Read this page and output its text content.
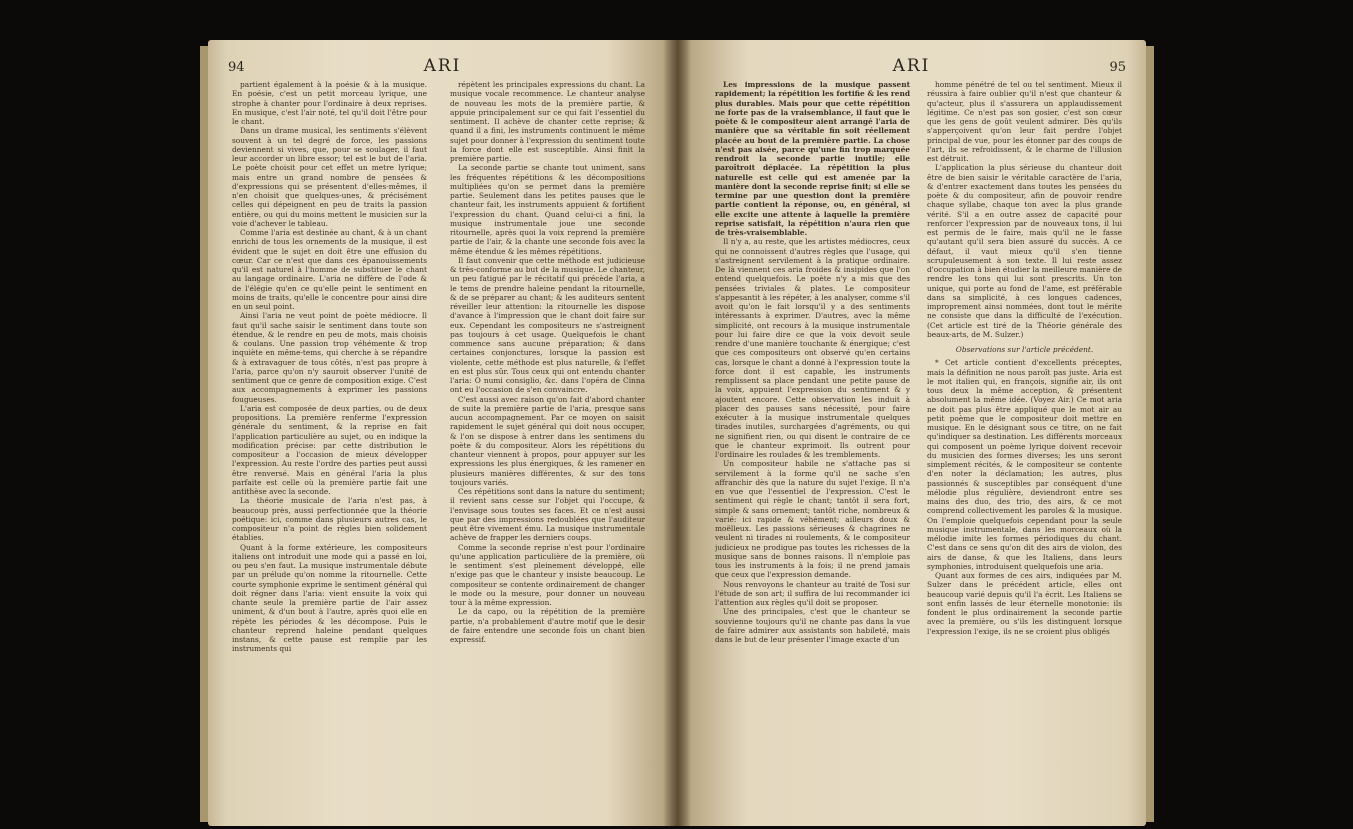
94	ARI

partient également à la poésie & à la musique. En poésie, c'est un petit morceau lyrique, une strophe à chanter pour l'ordinaire à deux reprises. En musique, c'est l'air noté, tel qu'il doit l'être pour le chant.

Dans un drame musical, les sentiments s'élèvent souvent à un tel degré de force, les passions deviennent si vives, que, pour se soulager, il faut leur accorder un libre essor; tel est le but de l'aria. Le poète choisit pour cet effet un metre lyrique; mais entre un grand nombre de pensées & d'expressions qui se présentent d'elles-mêmes, il n'en choisit que quelques-unes, & précisément celles qui dépeignent en peu de traits la passion entière, ou qui du moins mettent le musicien sur la voie d'achever le tableau.

Comme l'aria est destinée au chant, & à un chant enrichi de tous les ornements de la musique, il est évident que le sujet en doit être une effusion du cœur. Car ce n'est que dans ces épanouissements qu'il est naturel à l'homme de substituer le chant au langage ordinaire. L'aria ne diffère de l'ode & de l'élégie qu'en ce qu'elle peint le sentiment en moins de traits, qu'elle le concentre pour ainsi dire en un seul point.

Ainsi l'aria ne veut point de poète médiocre. Il faut qu'il sache saisir le sentiment dans toute son étendue, & le rendre en peu de mots, mais choisis & coulans. Une passion trop véhémente & trop inquiète en même-tems, qui cherche à se répandre & à extravaguer de tous côtés, n'est pas propre à l'aria, parce qu'on n'y sauroit observer l'unité de sentiment que ce genre de composition exige. C'est aux accompagnements à exprimer les passions fougueuses.

L'aria est composée de deux parties, ou de deux propositions. La première renferme l'expression générale du sentiment, & la reprise en fait l'application particulière au sujet, ou en indique la modification précise: par cette distribution le compositeur a l'occasion de mieux développer l'expression. Au reste l'ordre des parties peut aussi être renversé. Mais en général l'aria la plus parfaite est celle où la première partie fait une antithèse avec la seconde.

La théorie musicale de l'aria n'est pas, à beaucoup près, aussi perfectionnée que la théorie poétique: ici, comme dans plusieurs autres cas, le compositeur n'a point de règles bien solidement établies.

Quant à la forme extérieure, les compositeurs italiens ont introduit une mode qui a passé en loi, ou peu s'en faut. La musique instrumentale débute par un prélude qu'on nomme la ritournelle. Cette courte symphonie exprime le sentiment général qui doit régner dans l'aria: vient ensuite la voix qui chante seule la première partie de l'air assez uniment, & d'un bout à l'autre, après quoi elle en répète les périodes & les décompose. Puis le chanteur reprend haleine pendant quelques instans, & cette pause est remplie par les instruments qui

répètent les principales expressions du chant. La musique vocale recommence. Le chanteur analyse de nouveau les mots de la première partie, & appuie principalement sur ce qui fait l'essentiel du sentiment. Il achève de chanter cette reprise; & quand il a fini, les instruments continuent le même sujet pour donner à l'expression du sentiment toute la force dont elle est susceptible. Ainsi finit la première partie.

La seconde partie se chante tout uniment, sans les fréquentes répétitions & les décompositions multipliées qu'on se permet dans la première partie. Seulement dans les petites pauses que le chanteur fait, les instruments appuient & fortifient l'expression du chant. Quand celui-ci a fini, la musique instrumentale joue une seconde ritournelle, après quoi la voix reprend la première partie de l'air, & la chante une seconde fois avec la même étendue & les mêmes répétitions.

Il faut convenir que cette méthode est judicieuse & très-conforme au but de la musique. Le chanteur, un peu fatigué par le récitatif qui précède l'aria, a le tems de prendre haleine pendant la ritournelle, & de se préparer au chant; & les auditeurs sentent réveiller leur attention: la ritournelle les dispose d'avance à l'impression que le chant doit faire sur eux. Cependant les compositeurs ne s'astreignent pas toujours à cet usage. Quelquefois le chant commence sans aucune préparation; & dans certaines conjonctures, lorsque la passion est violente, cette méthode est plus naturelle, & l'effet en est plus sûr. Tous ceux qui ont entendu chanter l'aria: O numi consiglio, &c. dans l'opéra de Cinna ont eu l'occasion de s'en convaincre.

C'est aussi avec raison qu'on fait d'abord chanter de suite la première partie de l'aria, presque sans aucun accompagnement. Par ce moyen on saisit rapidement le sujet général qui doit nous occuper, & l'on se dispose à entrer dans les sentimens du poète & du compositeur. Alors les répétitions du chanteur viennent à propos, pour appuyer sur les expressions les plus énergiques, & les ramener en plusieurs manières différentes, & sur des tons toujours variés.

Ces répétitions sont dans la nature du sentiment; il revient sans cesse sur l'objet qui l'occupe, & l'envisage sous toutes ses faces. Et ce n'est aussi que par des impressions redoublées que l'auditeur peut être vivement ému. La musique instrumentale achève de frapper les derniers coups.

Comme la seconde reprise n'est pour l'ordinaire qu'une application particulière de la première, où le sentiment s'est pleinement développé, elle n'exige pas que le chanteur y insiste beaucoup. Le compositeur se contente ordinairement de changer le mode ou la mesure, pour donner un nouveau tour à la même expression.

Le da capo, ou la répétition de la première partie, n'a probablement d'autre motif que le desir de faire entendre une seconde fois un chant bien expressif.

ARI	95

Les impressions de la musique passent rapidement; la répétition les fortifie & les rend plus durables. Mais pour que cette répétition ne forte pas de la vraisemblance, il faut que le poète & le compositeur aient arrangé l'aria de manière que sa véritable fin soit réellement placée au bout de la première partie. La chose n'est pas aisée, parce qu'une fin trop marquée rendroit la seconde partie inutile; elle paroîtroit déplacée. La répétition la plus naturelle est celle qui est amenée par la manière dont la seconde reprise finit; si elle se termine par une question dont la première partie contient la réponse, ou, en général, si elle excite une attente à laquelle la première reprise satisfait, la répétition n'aura rien que de très-vraisemblable.

Il n'y a, au reste, que les artistes médiocres, ceux qui ne connoissent d'autres règles que l'usage, qui s'astreignent servilement à la pratique ordinaire. De là viennent ces aria froides & insipides que l'on entend quelquefois. Le poète n'y a mis que des pensées triviales & plates. Le compositeur s'appesantit à les répéter, à les analyser, comme s'il avoit qu'on le fait lorsqu'il y a des sentiments intéressants à exprimer. D'autres, avec la même simplicité, ont recours à la musique instrumentale pour lui faire dire ce que la voix devoit seule rendre d'une manière touchante & énergique; c'est que ces compositeurs ont observé qu'en certains cas, lorsque le chant a donné à l'expression toute la force dont il est capable, les instruments remplissent sa place pendant une petite pause de la voix, appuient l'expression du sentiment & y ajoutent encore. Cette observation les induit à placer des pauses sans nécessité, pour faire exécuter à la musique instrumentale quelques tirades inutiles, surchargées d'agréments, ou qui ne signifient rien, ou qui disent le contraire de ce que le chanteur exprimoit. Ils outrent pour l'ordinaire les roulades & les tremblements.

Un compositeur habile ne s'attache pas si servilement à la forme qu'il ne sache s'en affranchir dès que la nature du sujet l'exige. Il n'a en vue que l'essentiel de l'expression. C'est le sentiment qui règle le chant; tantôt il sera fort, simple & sans ornement; tantôt riche, nombreux & varié: ici rapide & véhément; ailleurs doux & moëlleux. Les passions sérieuses & chagrines ne veulent ni tirades ni roulements, & le compositeur judicieux ne prodigue pas toutes les richesses de la musique sans de bonnes raisons. Il n'emploie pas tous les instruments à la fois; il ne prend jamais que ceux que l'expression demande.

Nous renvoyons le chanteur au traité de Tosi sur l'étude de son art; il suffira de lui recommander ici l'attention aux règles qu'il doit se proposer.

Une des principales, c'est que le chanteur se souvienne toujours qu'il ne chante pas dans la vue de faire admirer aux assistants son habileté, mais dans le but de leur présenter l'image exacte d'un

homme pénétré de tel ou tel sentiment. Mieux il réussira à faire oublier qu'il n'est que chanteur & qu'acteur, plus il s'assurera un applaudissement légitime. Ce n'est pas son gosier, c'est son cœur que les gens de goût veulent admirer. Dès qu'ils s'apperçoivent qu'on leur fait perdre l'objet principal de vue, pour les étonner par des coups de l'art, ils se refroidissent, & le charme de l'illusion est détruit.

L'application la plus sérieuse du chanteur doit être de bien saisir le véritable caractère de l'aria, & d'entrer exactement dans toutes les pensées du poète & du compositeur, afin de pouvoir rendre chaque syllabe, chaque ton avec la plus grande vérité. S'il a en outre assez de capacité pour renforcer l'expression par de nouveaux tons, il lui est permis de le faire, mais qu'il ne le fasse qu'autant qu'il sera bien assuré du succès. A ce défaut, il vaut mieux qu'il s'en tienne scrupuleusement à son texte. Il lui reste assez d'occupation à bien étudier la meilleure manière de rendre les tons qui lui sont prescrits. Un ton unique, qui porte au fond de l'ame, est préférable dans sa simplicité, à ces longues cadences, improprement ainsi nommées, dont tout le mérite ne consiste que dans la difficulté de l'exécution. (Cet article est tiré de la Théorie générale des beaux-arts, de M. Sulzer.)

Observations sur l'article précédent.

* Cet article contient d'excellents préceptes, mais la définition ne nous paroît pas juste. Aria est le mot italien qui, en françois, signifie air, ils ont tous deux la même acception, & présentent absolument la même idée. (Voyez Air.) Ce mot aria ne doit pas plus être appliqué que le mot air au petit poème que le compositeur doit mettre en musique. En le désignant sous ce titre, on ne fait qu'indiquer sa destination. Les différents morceaux qui composent un poème lyrique doivent recevoir du musicien des formes diverses; les uns seront simplement récités, & le compositeur se contente d'en noter la déclamation; les autres, plus passionnés & susceptibles par conséquent d'une mélodie plus régulière, deviendront entre ses mains des duo, des trio, des airs, & ce mot comprend collectivement les paroles & la musique. On l'emploie quelquefois cependant pour la seule musique instrumentale, dans les morceaux où la mélodie imite les formes périodiques du chant. C'est dans ce sens qu'on dit des airs de violon, des airs de danse, & que les Italiens, dans leurs symphonies, introduisent quelquefois une aria.

Quant aux formes de ces airs, indiquées par M. Sulzer dans le précédent article, elles ont beaucoup varié depuis qu'il l'a écrit. Les Italiens se sont enfin lassés de leur éternelle monotonie: ils fondent le plus ordinairement la seconde partie avec la première, ou s'ils les distinguent lorsque l'expression l'exige, ils ne se croient plus obligés
